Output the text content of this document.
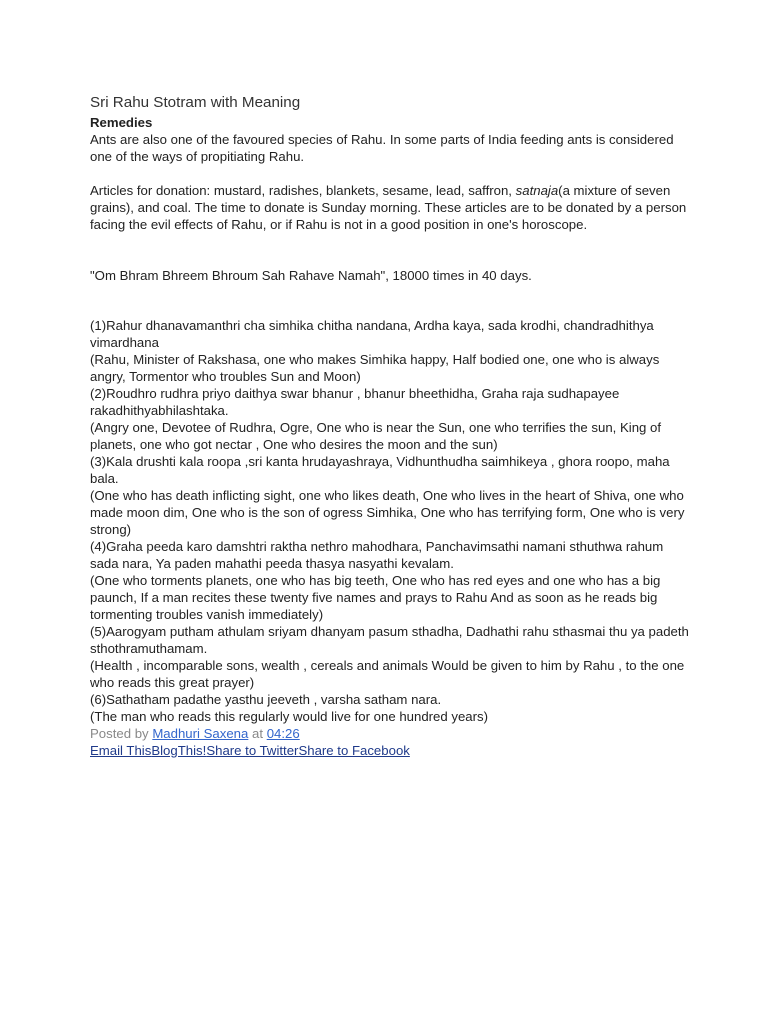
Sri Rahu Stotram with Meaning

Remedies

Ants are also one of the favoured species of Rahu. In some parts of India feeding ants is considered one of the ways of propitiating Rahu.

Articles for donation: mustard, radishes, blankets, sesame, lead, saffron, satnaja(a mixture of seven grains), and coal. The time to donate is Sunday morning. These articles are to be donated by a person facing the evil effects of Rahu, or if Rahu is not in a good position in one's horoscope.

"Om Bhram Bhreem Bhroum Sah Rahave Namah", 18000 times in 40 days.

(1)Rahur dhanavamanthri cha simhika chitha nandana, Ardha kaya, sada krodhi, chandradhithya vimardhana

(Rahu, Minister of Rakshasa, one who makes Simhika happy, Half bodied one, one who is always angry, Tormentor who troubles Sun and Moon)

(2)Roudhro rudhra priyo daithya swar bhanur , bhanur bheethidha, Graha raja sudhapayee rakadhithyabhilashtaka.

(Angry one, Devotee of Rudhra, Ogre, One who is near the Sun, one who terrifies the sun, King of planets, one who got nectar , One who desires the moon and the sun)

(3)Kala drushti kala roopa ,sri kanta hrudayashraya, Vidhunthudha saimhikeya , ghora roopo, maha bala.

(One who has death inflicting sight, one who likes death, One who lives in the heart of Shiva, one who made moon dim, One who is the son of ogress Simhika, One who has terrifying form, One who is very strong)

(4)Graha peeda karo damshtri raktha nethro mahodhara, Panchavimsathi namani sthuthwa rahum sada nara, Ya paden mahathi peeda thasya nasyathi kevalam.

(One who torments planets, one who has big teeth, One who has red eyes and one who has a big paunch, If a man recites these twenty five names and prays to Rahu And as soon as he reads big tormenting troubles vanish immediately)

(5)Aarogyam putham athulam sriyam dhanyam pasum sthadha, Dadhathi rahu sthasmai thu ya padeth sthothramuthamam.

(Health , incomparable sons, wealth , cereals and animals Would be given to him by Rahu , to the one who reads this great prayer)

(6)Sathatham padathe yasthu jeeveth , varsha satham nara.

(The man who reads this regularly would live for one hundred years)

Posted by Madhuri Saxena at 04:26
Email ThisBlogThis!Share to TwitterShare to Facebook
